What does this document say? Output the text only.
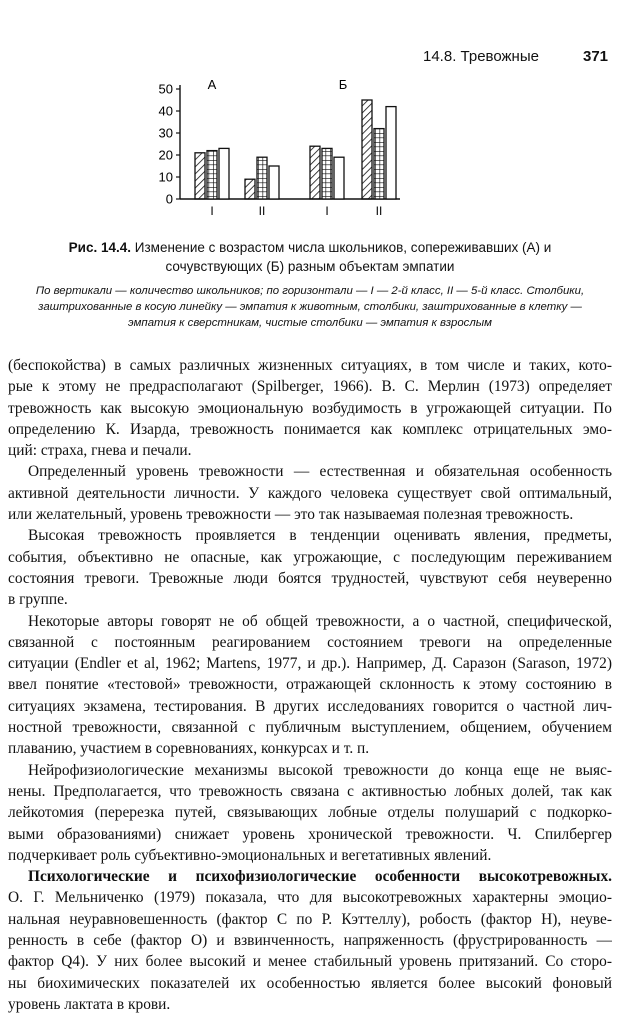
14.8. Тревожные	371
50
40
30
20
10
0
I	II	I	II
А	Б
Рис. 14.4. Изменение с возрастом числа школьников, сопереживавших (А) и сочувствующих (Б) разным объектам эмпатии
По вертикали — количество школьников; по горизонтали — I — 2-й класс, II — 5-й класс. Столбики, заштрихованные в косую линейку — эмпатия к животным, столбики, заштрихованные в клетку — эмпатия к сверстникам, чистые столбики — эмпатия к взрослым
(беспокойства) в самых различных жизненных ситуациях, в том числе и таких, кото-
рые к этому не предрасполагают (Spilberger, 1966). В. С. Мерлин (1973) определяет
тревожность как высокую эмоциональную возбудимость в угрожающей ситуации. По
определению К. Изарда, тревожность понимается как комплекс отрицательных эмо-
ций: страха, гнева и печали.
Определенный уровень тревожности — естественная и обязательная особенность
активной деятельности личности. У каждого человека существует свой оптимальный,
или желательный, уровень тревожности — это так называемая полезная тревожность.
Высокая тревожность проявляется в тенденции оценивать явления, предметы,
события, объективно не опасные, как угрожающие, с последующим переживанием
состояния тревоги. Тревожные люди боятся трудностей, чувствуют себя неуверенно
в группе.
Некоторые авторы говорят не об общей тревожности, а о частной, специфической,
связанной с постоянным реагированием состоянием тревоги на определенные
ситуации (Endler et al, 1962; Martens, 1977, и др.). Например, Д. Саразон (Sarason, 1972)
ввел понятие «тестовой» тревожности, отражающей склонность к этому состоянию в
ситуациях экзамена, тестирования. В других исследованиях говорится о частной лич-
ностной тревожности, связанной с публичным выступлением, общением, обучением
плаванию, участием в соревнованиях, конкурсах и т. п.
Нейрофизиологические механизмы высокой тревожности до конца еще не выяс-
нены. Предполагается, что тревожность связана с активностью лобных долей, так как
лейкотомия (перерезка путей, связывающих лобные отделы полушарий с подкорко-
выми образованиями) снижает уровень хронической тревожности. Ч. Спилбергер
подчеркивает роль субъективно-эмоциональных и вегетативных явлений.
Психологические и психофизиологические особенности высокотревожных.
О. Г. Мельниченко (1979) показала, что для высокотревожных характерны эмоцио-
нальная неуравновешенность (фактор С по Р. Кэттеллу), робость (фактор Н), неуве-
ренность в себе (фактор О) и взвинченность, напряженность (фрустрированность —
фактор Q4). У них более высокий и менее стабильный уровень притязаний. Со сторо-
ны биохимических показателей их особенностью является более высокий фоновый
уровень лактата в крови.
